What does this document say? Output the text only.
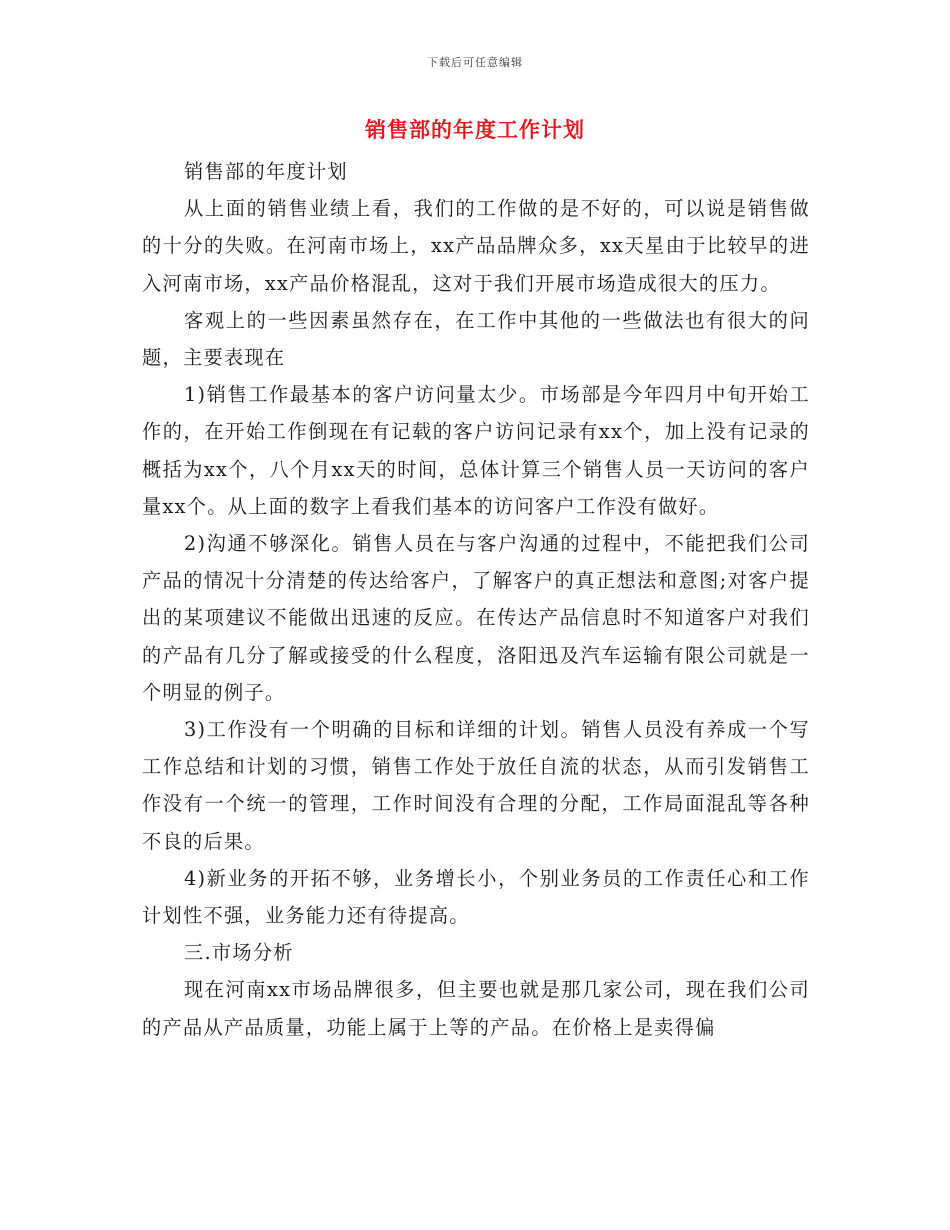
下载后可任意编辑
销售部的年度工作计划

销售部的年度计划

从上面的销售业绩上看，我们的工作做的是不好的，可以说是销售做的十分的失败。在河南市场上，xx产品品牌众多，xx天星由于比较早的进入河南市场，xx产品价格混乱，这对于我们开展市场造成很大的压力。

客观上的一些因素虽然存在，在工作中其他的一些做法也有很大的问题，主要表现在

1)销售工作最基本的客户访问量太少。市场部是今年四月中旬开始工作的，在开始工作倒现在有记载的客户访问记录有xx个，加上没有记录的概括为xx个，八个月xx天的时间，总体计算三个销售人员一天访问的客户量xx个。从上面的数字上看我们基本的访问客户工作没有做好。

2)沟通不够深化。销售人员在与客户沟通的过程中，不能把我们公司产品的情况十分清楚的传达给客户，了解客户的真正想法和意图;对客户提出的某项建议不能做出迅速的反应。在传达产品信息时不知道客户对我们的产品有几分了解或接受的什么程度，洛阳迅及汽车运输有限公司就是一个明显的例子。

3)工作没有一个明确的目标和详细的计划。销售人员没有养成一个写工作总结和计划的习惯，销售工作处于放任自流的状态，从而引发销售工作没有一个统一的管理，工作时间没有合理的分配，工作局面混乱等各种不良的后果。

4)新业务的开拓不够，业务增长小，个别业务员的工作责任心和工作计划性不强，业务能力还有待提高。

三.市场分析

现在河南xx市场品牌很多，但主要也就是那几家公司，现在我们公司的产品从产品质量，功能上属于上等的产品。在价格上是卖得偏
